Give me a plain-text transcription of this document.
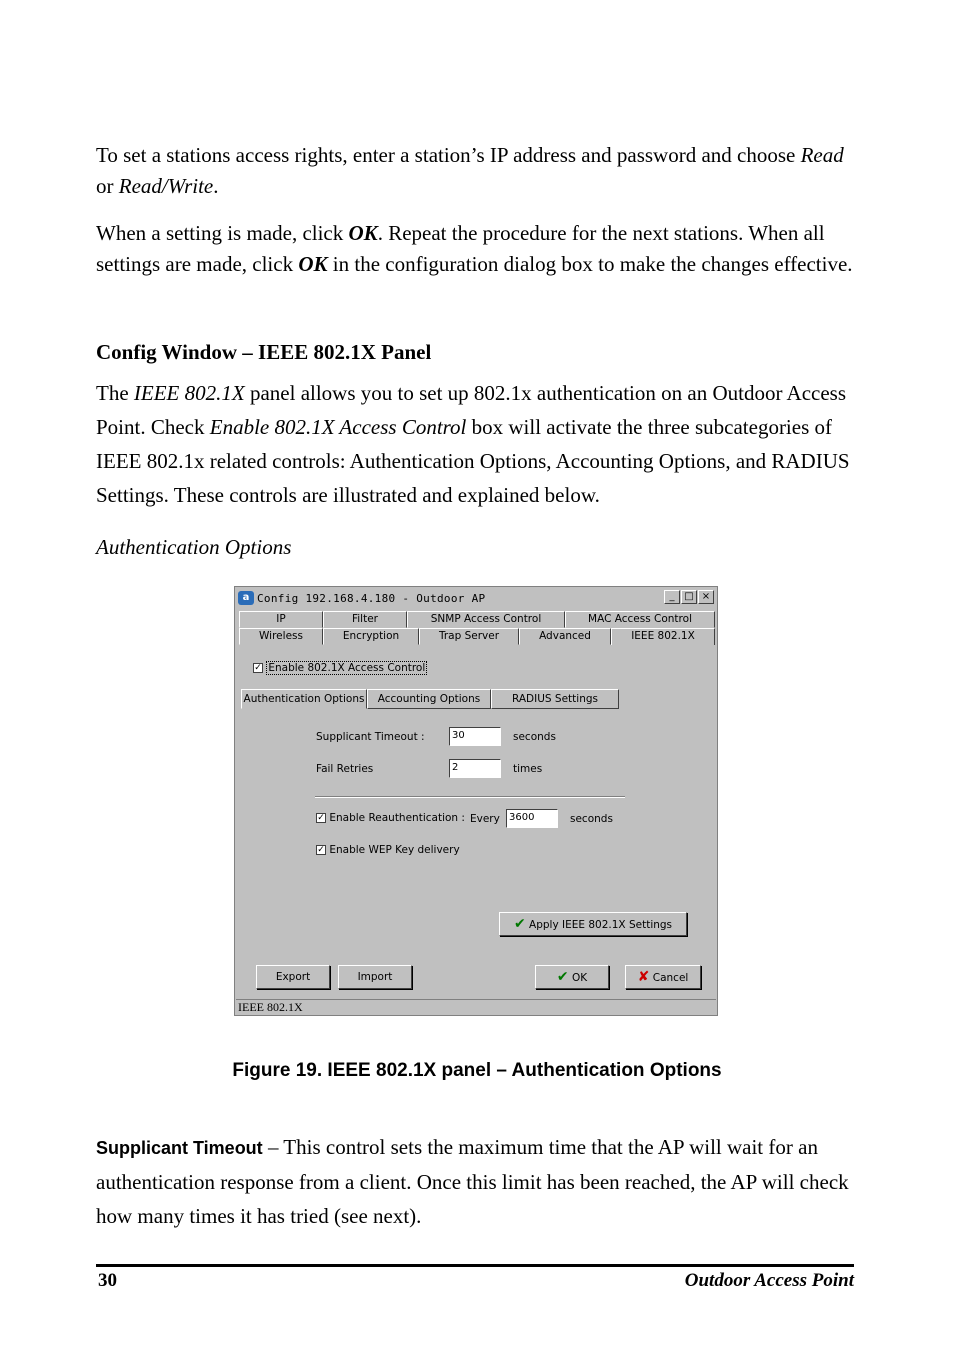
To set a stations access rights, enter a station’s IP address and password and choose Read or Read/Write.

When a setting is made, click OK. Repeat the procedure for the next stations. When all settings are made, click OK in the configuration dialog box to make the changes effective.

Config Window – IEEE 802.1X Panel

The IEEE 802.1X panel allows you to set up 802.1x authentication on an Outdoor Access Point. Check Enable 802.1X Access Control box will activate the three subcategories of IEEE 802.1x related controls: Authentication Options, Accounting Options, and RADIUS Settings. These controls are illustrated and explained below.

Authentication Options

a Config 192.168.4.180 - Outdoor AP	_ □ ×
IP	Filter	SNMP Access Control	MAC Access Control
Wireless	Encryption	Trap Server	Advanced	IEEE 802.1X
✓ Enable 802.1X Access Control
Authentication Options	Accounting Options	RADIUS Settings
Supplicant Timeout :	30	seconds
Fail Retries	2	times
✓ Enable Reauthentication : Every 3600	seconds
✓ Enable WEP Key delivery
✔ Apply IEEE 802.1X Settings
Export	Import	✔ OK	✘ Cancel
IEEE 802.1X
Figure 19. IEEE 802.1X panel – Authentication Options

Supplicant Timeout – This control sets the maximum time that the AP will wait for an authentication response from a client. Once this limit has been reached, the AP will check how many times it has tried (see next).

30	Outdoor Access Point
